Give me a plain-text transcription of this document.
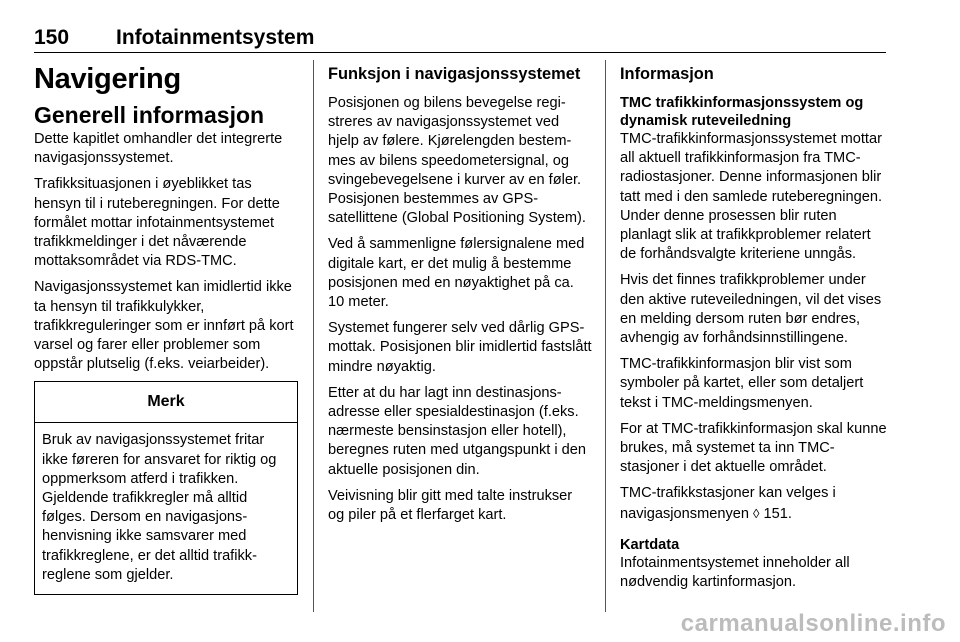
150 Infotainmentsystem
Navigering
Generell informasjon

Dette kapitlet omhandler det integrerte navigasjonssystemet.

Trafikksituasjonen i øyeblikket tas hensyn til i ruteberegningen. For dette formålet mottar infotainmentsystemet trafikkmeldinger i det nåværende mottaksområdet via RDS-TMC.

Navigasjonssystemet kan imidlertid ikke ta hensyn til trafikkulykker, trafikkreguleringer som er innført på kort varsel og farer eller problemer som oppstår plutselig (f.eks. veiarbeider).

Merk
Bruk av navigasjonssystemet fritar ikke føreren for ansvaret for riktig og oppmerksom atferd i trafikken. Gjeldende trafikkregler må alltid følges. Dersom en navigasjonshenvisning ikke samsvarer med trafikkreglene, er det alltid trafikkreglene som gjelder.
Funksjon i navigasjonssystemet

Posisjonen og bilens bevegelse registreres av navigasjonssystemet ved hjelp av følere. Kjørelengden bestemmes av bilens speedometersignal, og svingebevegelsene i kurver av en føler. Posisjonen bestemmes av GPS-satellittene (Global Positioning System).

Ved å sammenligne følersignalene med digitale kart, er det mulig å bestemme posisjonen med en nøyaktighet på ca. 10 meter.

Systemet fungerer selv ved dårlig GPS-mottak. Posisjonen blir imidlertid fastslått mindre nøyaktig.

Etter at du har lagt inn destinasjonsadresse eller spesialdestinasjon (f.eks. nærmeste bensinstasjon eller hotell), beregnes ruten med utgangspunkt i den aktuelle posisjonen din.

Veivisning blir gitt med talte instrukser og piler på et flerfarget kart.

Informasjon
TMC trafikkinformasjonssystem og dynamisk ruteveiledning

TMC-trafikkinformasjonssystemet mottar all aktuell trafikkinformasjon fra TMC-radiostasjoner. Denne informasjonen blir tatt med i den samlede ruteberegningen. Under denne prosessen blir ruten planlagt slik at trafikkproblemer relatert de forhåndsvalgte kriteriene unngås.

Hvis det finnes trafikkproblemer under den aktive ruteveiledningen, vil det vises en melding dersom ruten bør endres, avhengig av forhåndsinnstillingene.

TMC-trafikkinformasjon blir vist som symboler på kartet, eller som detaljert tekst i TMC-meldingsmenyen.

For at TMC-trafikkinformasjon skal kunne brukes, må systemet ta inn TMC-stasjoner i det aktuelle området.

TMC-trafikkstasjoner kan velges i navigasjonsmenyen ◊ 151.

Kartdata

Infotainmentsystemet inneholder all nødvendig kartinformasjon.

carmanualsonline.info
